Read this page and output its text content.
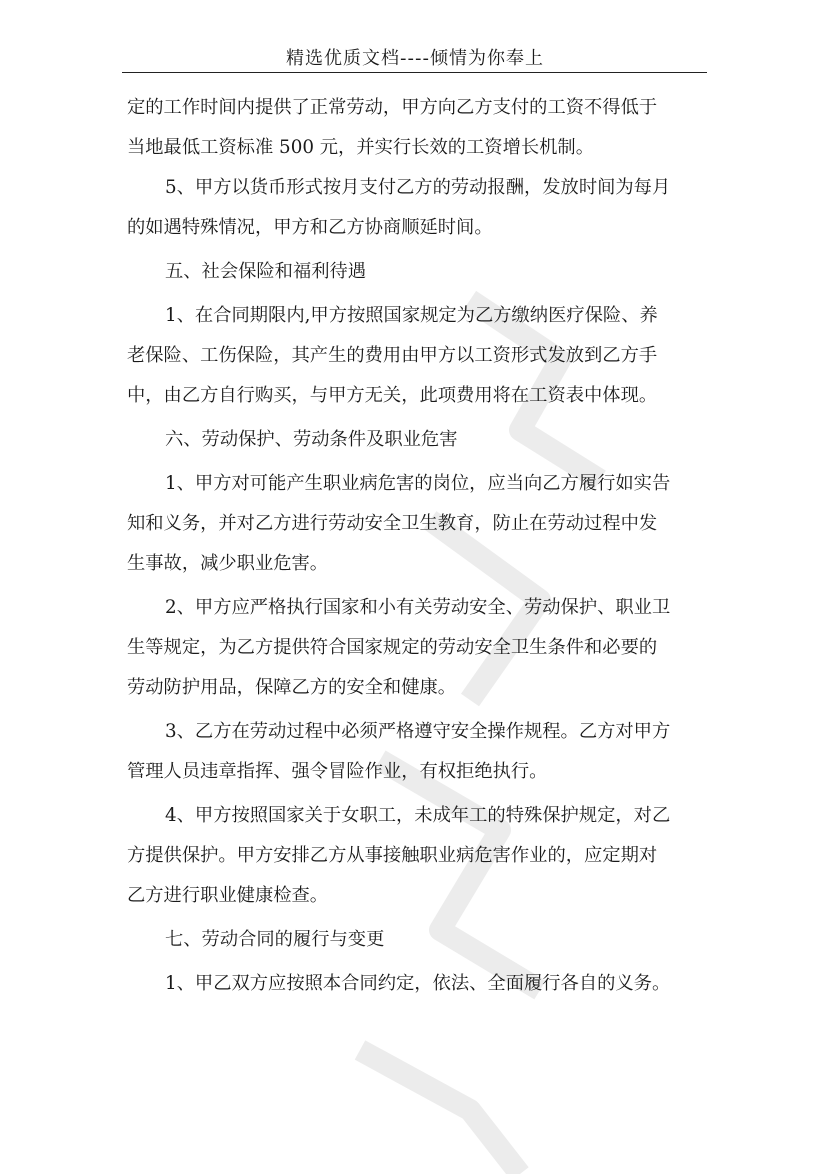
精选优质文档----倾情为你奉上
定的工作时间内提供了正常劳动，甲方向乙方支付的工资不得低于
当地最低工资标准 500 元，并实行长效的工资增长机制。
5、甲方以货币形式按月支付乙方的劳动报酬，发放时间为每月
的如遇特殊情况，甲方和乙方协商顺延时间。
五、社会保险和福利待遇
1、在合同期限内,甲方按照国家规定为乙方缴纳医疗保险、养
老保险、工伤保险，其产生的费用由甲方以工资形式发放到乙方手
中，由乙方自行购买，与甲方无关，此项费用将在工资表中体现。
六、劳动保护、劳动条件及职业危害
1、甲方对可能产生职业病危害的岗位，应当向乙方履行如实告
知和义务，并对乙方进行劳动安全卫生教育，防止在劳动过程中发
生事故，减少职业危害。
2、甲方应严格执行国家和小有关劳动安全、劳动保护、职业卫
生等规定，为乙方提供符合国家规定的劳动安全卫生条件和必要的
劳动防护用品，保障乙方的安全和健康。
3、乙方在劳动过程中必须严格遵守安全操作规程。乙方对甲方
管理人员违章指挥、强令冒险作业，有权拒绝执行。
4、甲方按照国家关于女职工，未成年工的特殊保护规定，对乙
方提供保护。甲方安排乙方从事接触职业病危害作业的，应定期对
乙方进行职业健康检查。
七、劳动合同的履行与变更
1、甲乙双方应按照本合同约定，依法、全面履行各自的义务。
